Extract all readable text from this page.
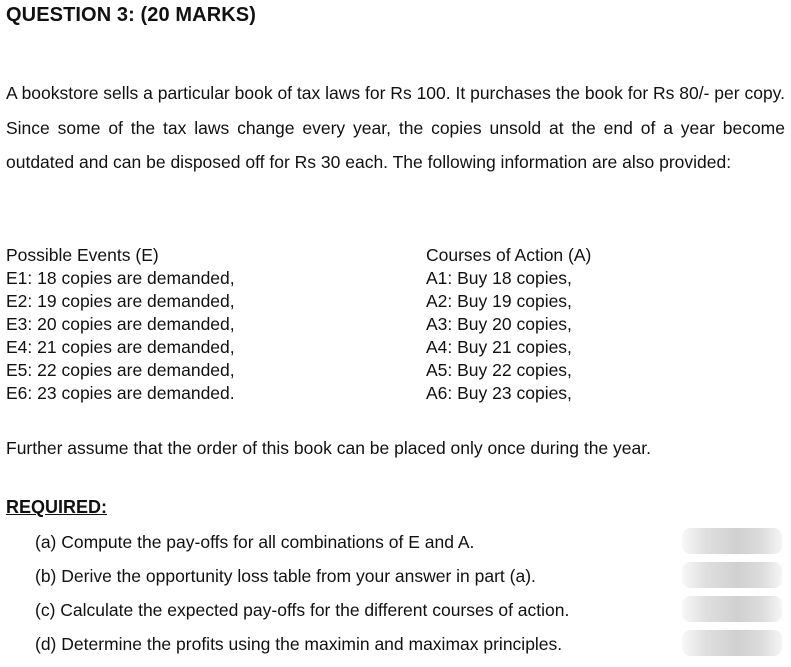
QUESTION 3: (20 MARKS)
A bookstore sells a particular book of tax laws for Rs 100. It purchases the book for Rs 80/- per copy. Since some of the tax laws change every year, the copies unsold at the end of a year become outdated and can be disposed off for Rs 30 each. The following information are also provided:
Possible Events (E)
E1: 18 copies are demanded,
E2: 19 copies are demanded,
E3: 20 copies are demanded,
E4: 21 copies are demanded,
E5: 22 copies are demanded,
E6: 23 copies are demanded.
Courses of Action (A)
A1: Buy 18 copies,
A2: Buy 19 copies,
A3: Buy 20 copies,
A4: Buy 21 copies,
A5: Buy 22 copies,
A6: Buy 23 copies,
Further assume that the order of this book can be placed only once during the year.
REQUIRED:
(a) Compute the pay-offs for all combinations of E and A.
(b) Derive the opportunity loss table from your answer in part (a).
(c) Calculate the expected pay-offs for the different courses of action.
(d) Determine the profits using the maximin and maximax principles.
